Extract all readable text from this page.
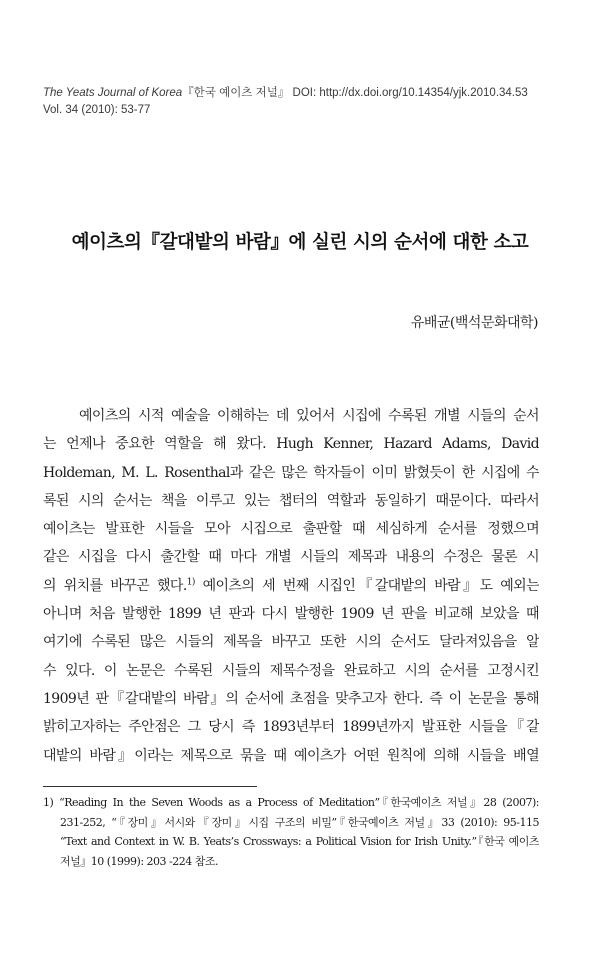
The Yeats Journal of Korea『한국 예이츠 저널』 DOI: http://dx.doi.org/10.14354/yjk.2010.34.53
Vol. 34 (2010): 53-77
예이츠의『갈대밭의 바람』에 실린 시의 순서에 대한 소고
유배균(백석문화대학)
예이츠의 시적 예술을 이해하는 데 있어서 시집에 수록된 개별 시들의 순서
는 언제나 중요한 역할을 해 왔다. Hugh Kenner, Hazard Adams, David
Holdeman, M. L. Rosenthal과 같은 많은 학자들이 이미 밝혔듯이 한 시집에 수
록된 시의 순서는 책을 이루고 있는 챕터의 역할과 동일하기 때문이다. 따라서
예이츠는 발표한 시들을 모아 시집으로 출판할 때 세심하게 순서를 정했으며
같은 시집을 다시 출간할 때 마다 개별 시들의 제목과 내용의 수정은 물론 시
의 위치를 바꾸곤 했다.$^{1)}$ 예이츠의 세 번째 시집인『갈대밭의 바람』도 예외는
아니며 처음 발행한 1899 년 판과 다시 발행한 1909 년 판을 비교해 보았을 때
여기에 수록된 많은 시들의 제목을 바꾸고 또한 시의 순서도 달라져있음을 알
수 있다. 이 논문은 수록된 시들의 제목수정을 완료하고 시의 순서를 고정시킨
1909년 판『갈대밭의 바람』의 순서에 초점을 맞추고자 한다. 즉 이 논문을 통해
밝히고자하는 주안점은 그 당시 즉 1893년부터 1899년까지 발표한 시들을『갈
대밭의 바람』이라는 제목으로 묶을 때 예이츠가 어떤 원칙에 의해 시들을 배열
1) “Reading In the Seven Woods as a Process of Meditation”『한국예이츠 저널』28 (2007):
231-252, “『장미』서시와『장미』시집 구조의 비밀”『한국예이츠 저널』33 (2010): 95-115
“Text and Context in W. B. Yeats’s Crossways: a Political Vision for Irish Unity.”『한국 예이츠
저널』10 (1999): 203 -224 참조.
